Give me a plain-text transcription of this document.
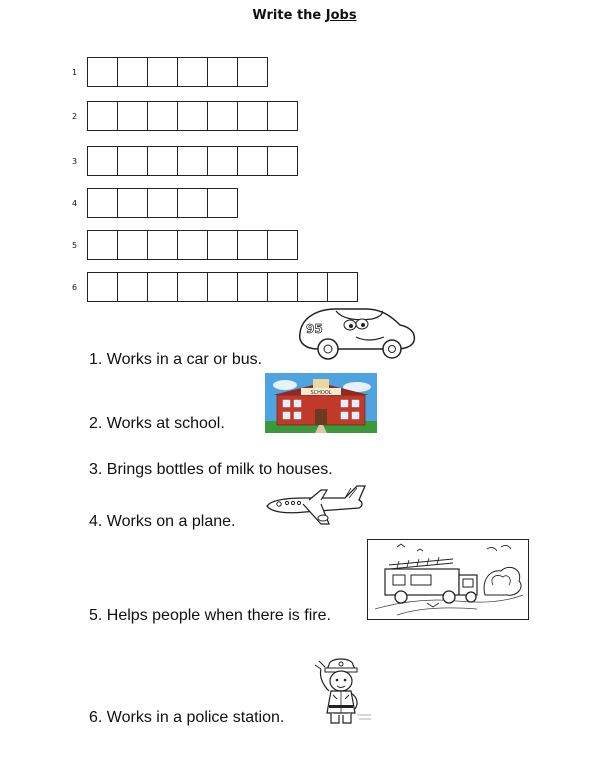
Write the Jobs
1
2
3
4
5
6
1. Works in a car or bus.
2. Works at school.
3. Brings bottles of milk to houses.
4. Works on a plane.
5. Helps people when there is fire.
6. Works in a police station.
95
SCHOOL
